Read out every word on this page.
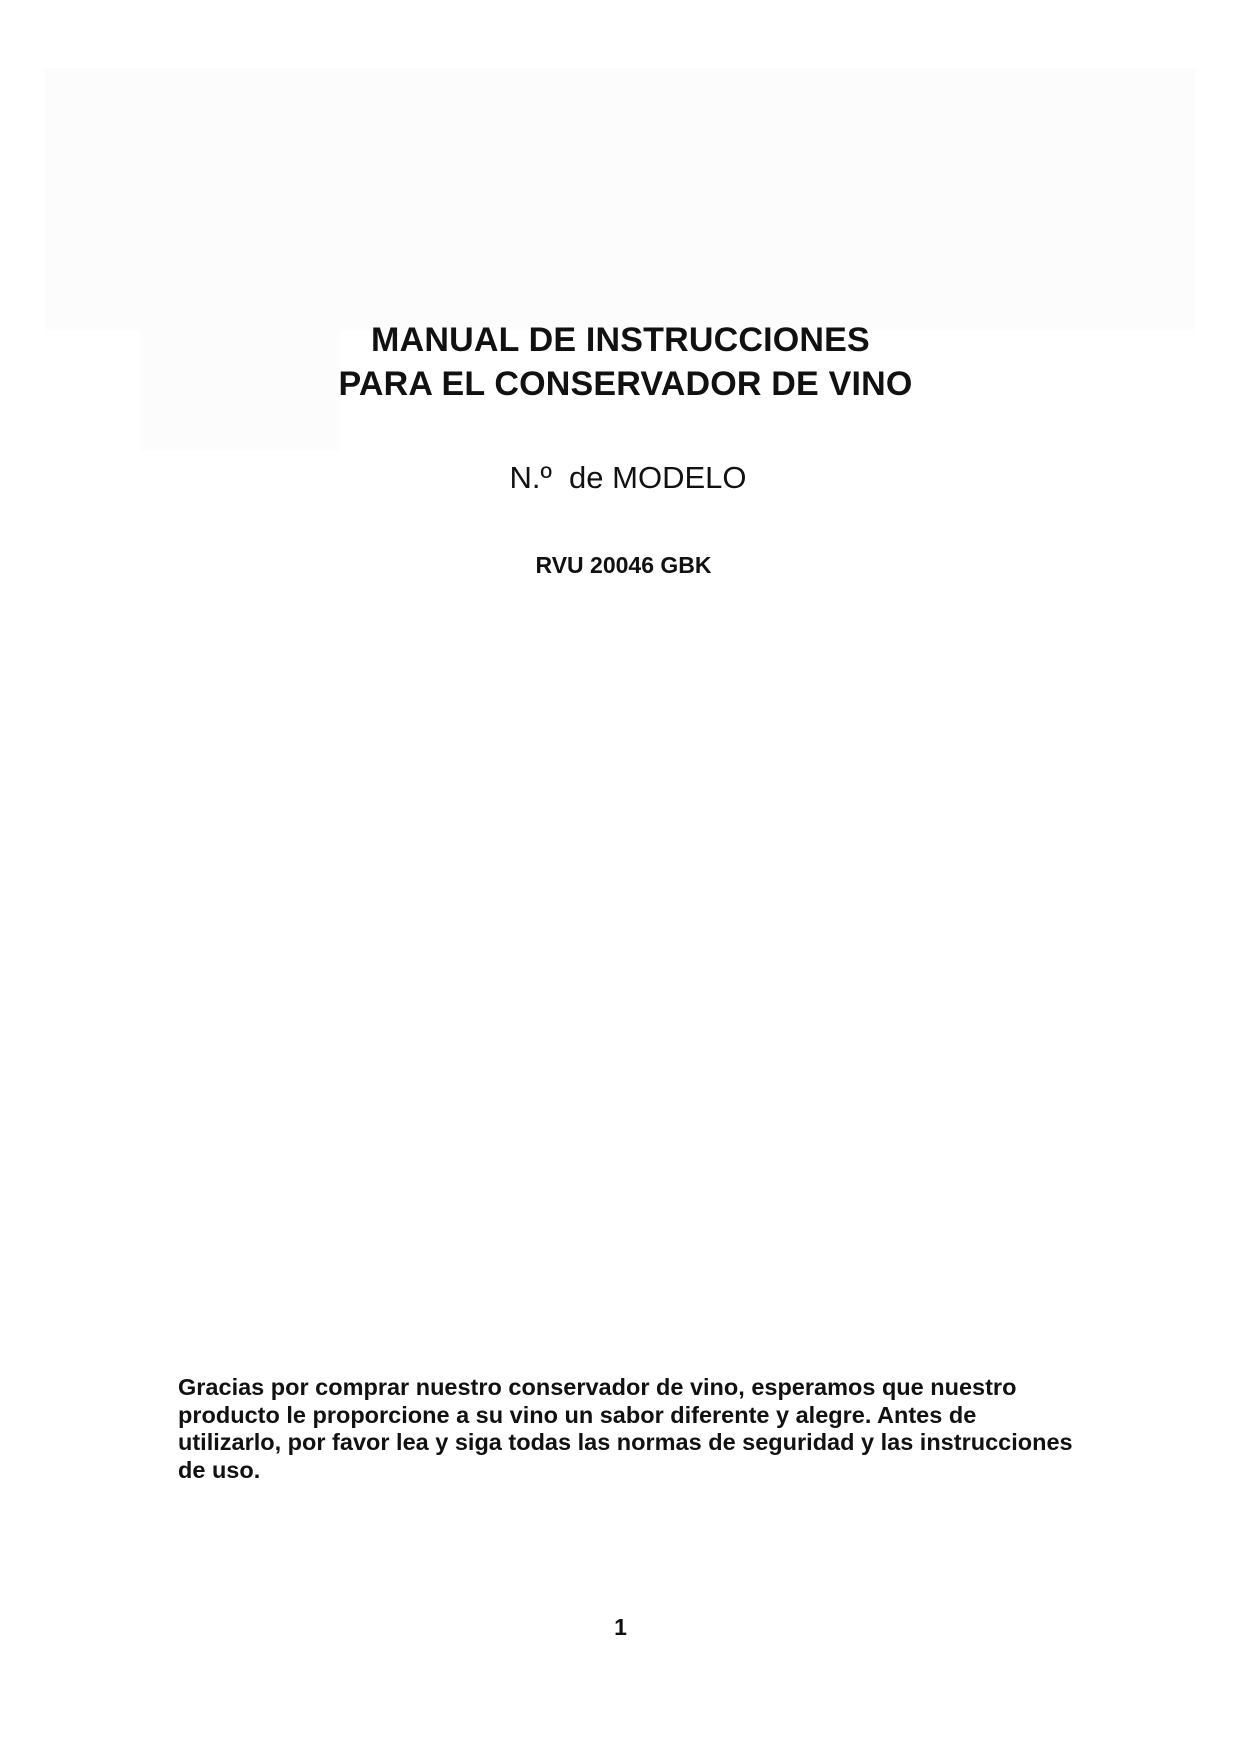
MANUAL DE INSTRUCCIONES
PARA EL CONSERVADOR DE VINO
N.º  de MODELO
RVU 20046 GBK

Gracias por comprar nuestro conservador de vino, esperamos que nuestro producto le proporcione a su vino un sabor diferente y alegre. Antes de utilizarlo, por favor lea y siga todas las normas de seguridad y las instrucciones de uso.

1
